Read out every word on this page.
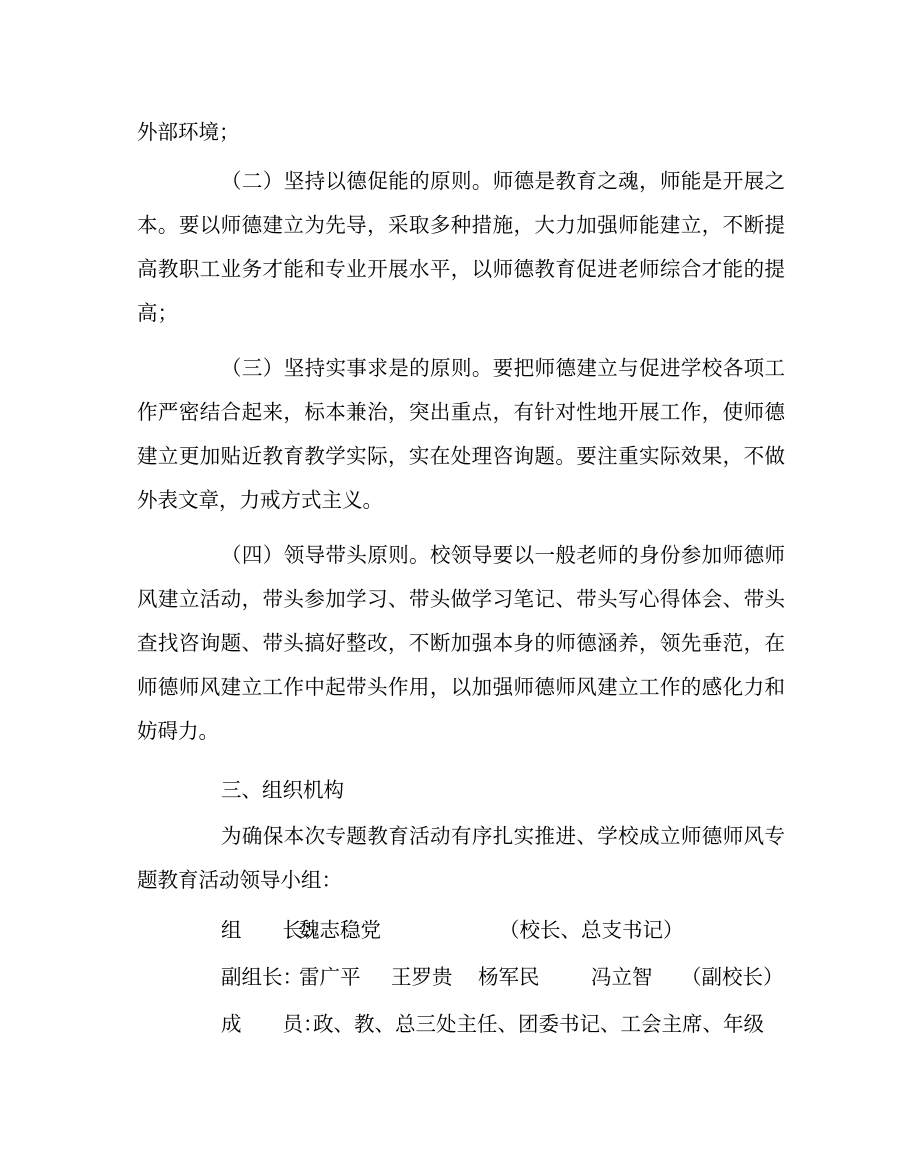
外部环境；

（二）坚持以德促能的原则。师德是教育之魂，师能是开展之本。要以师德建立为先导，采取多种措施，大力加强师能建立，不断提高教职工业务才能和专业开展水平，以师德教育促进老师综合才能的提高；

（三）坚持实事求是的原则。要把师德建立与促进学校各项工作严密结合起来，标本兼治，突出重点，有针对性地开展工作，使师德建立更加贴近教育教学实际，实在处理咨询题。要注重实际效果，不做外表文章，力戒方式主义。

（四）领导带头原则。校领导要以一般老师的身份参加师德师风建立活动，带头参加学习、带头做学习笔记、带头写心得体会、带头查找咨询题、带头搞好整改，不断加强本身的师德涵养，领先垂范，在师德师风建立工作中起带头作用，以加强师德师风建立工作的感化力和妨碍力。

三、组织机构

为确保本次专题教育活动有序扎实推进、学校成立师德师风专题教育活动领导小组：

组　　长：
魏志稳党	（校长、总支书记）
副组长：
雷广平 王罗贵 杨军民	冯立智 （副校长）
成　　员：
政、教、总三处主任、团委书记、工会主席、年级
